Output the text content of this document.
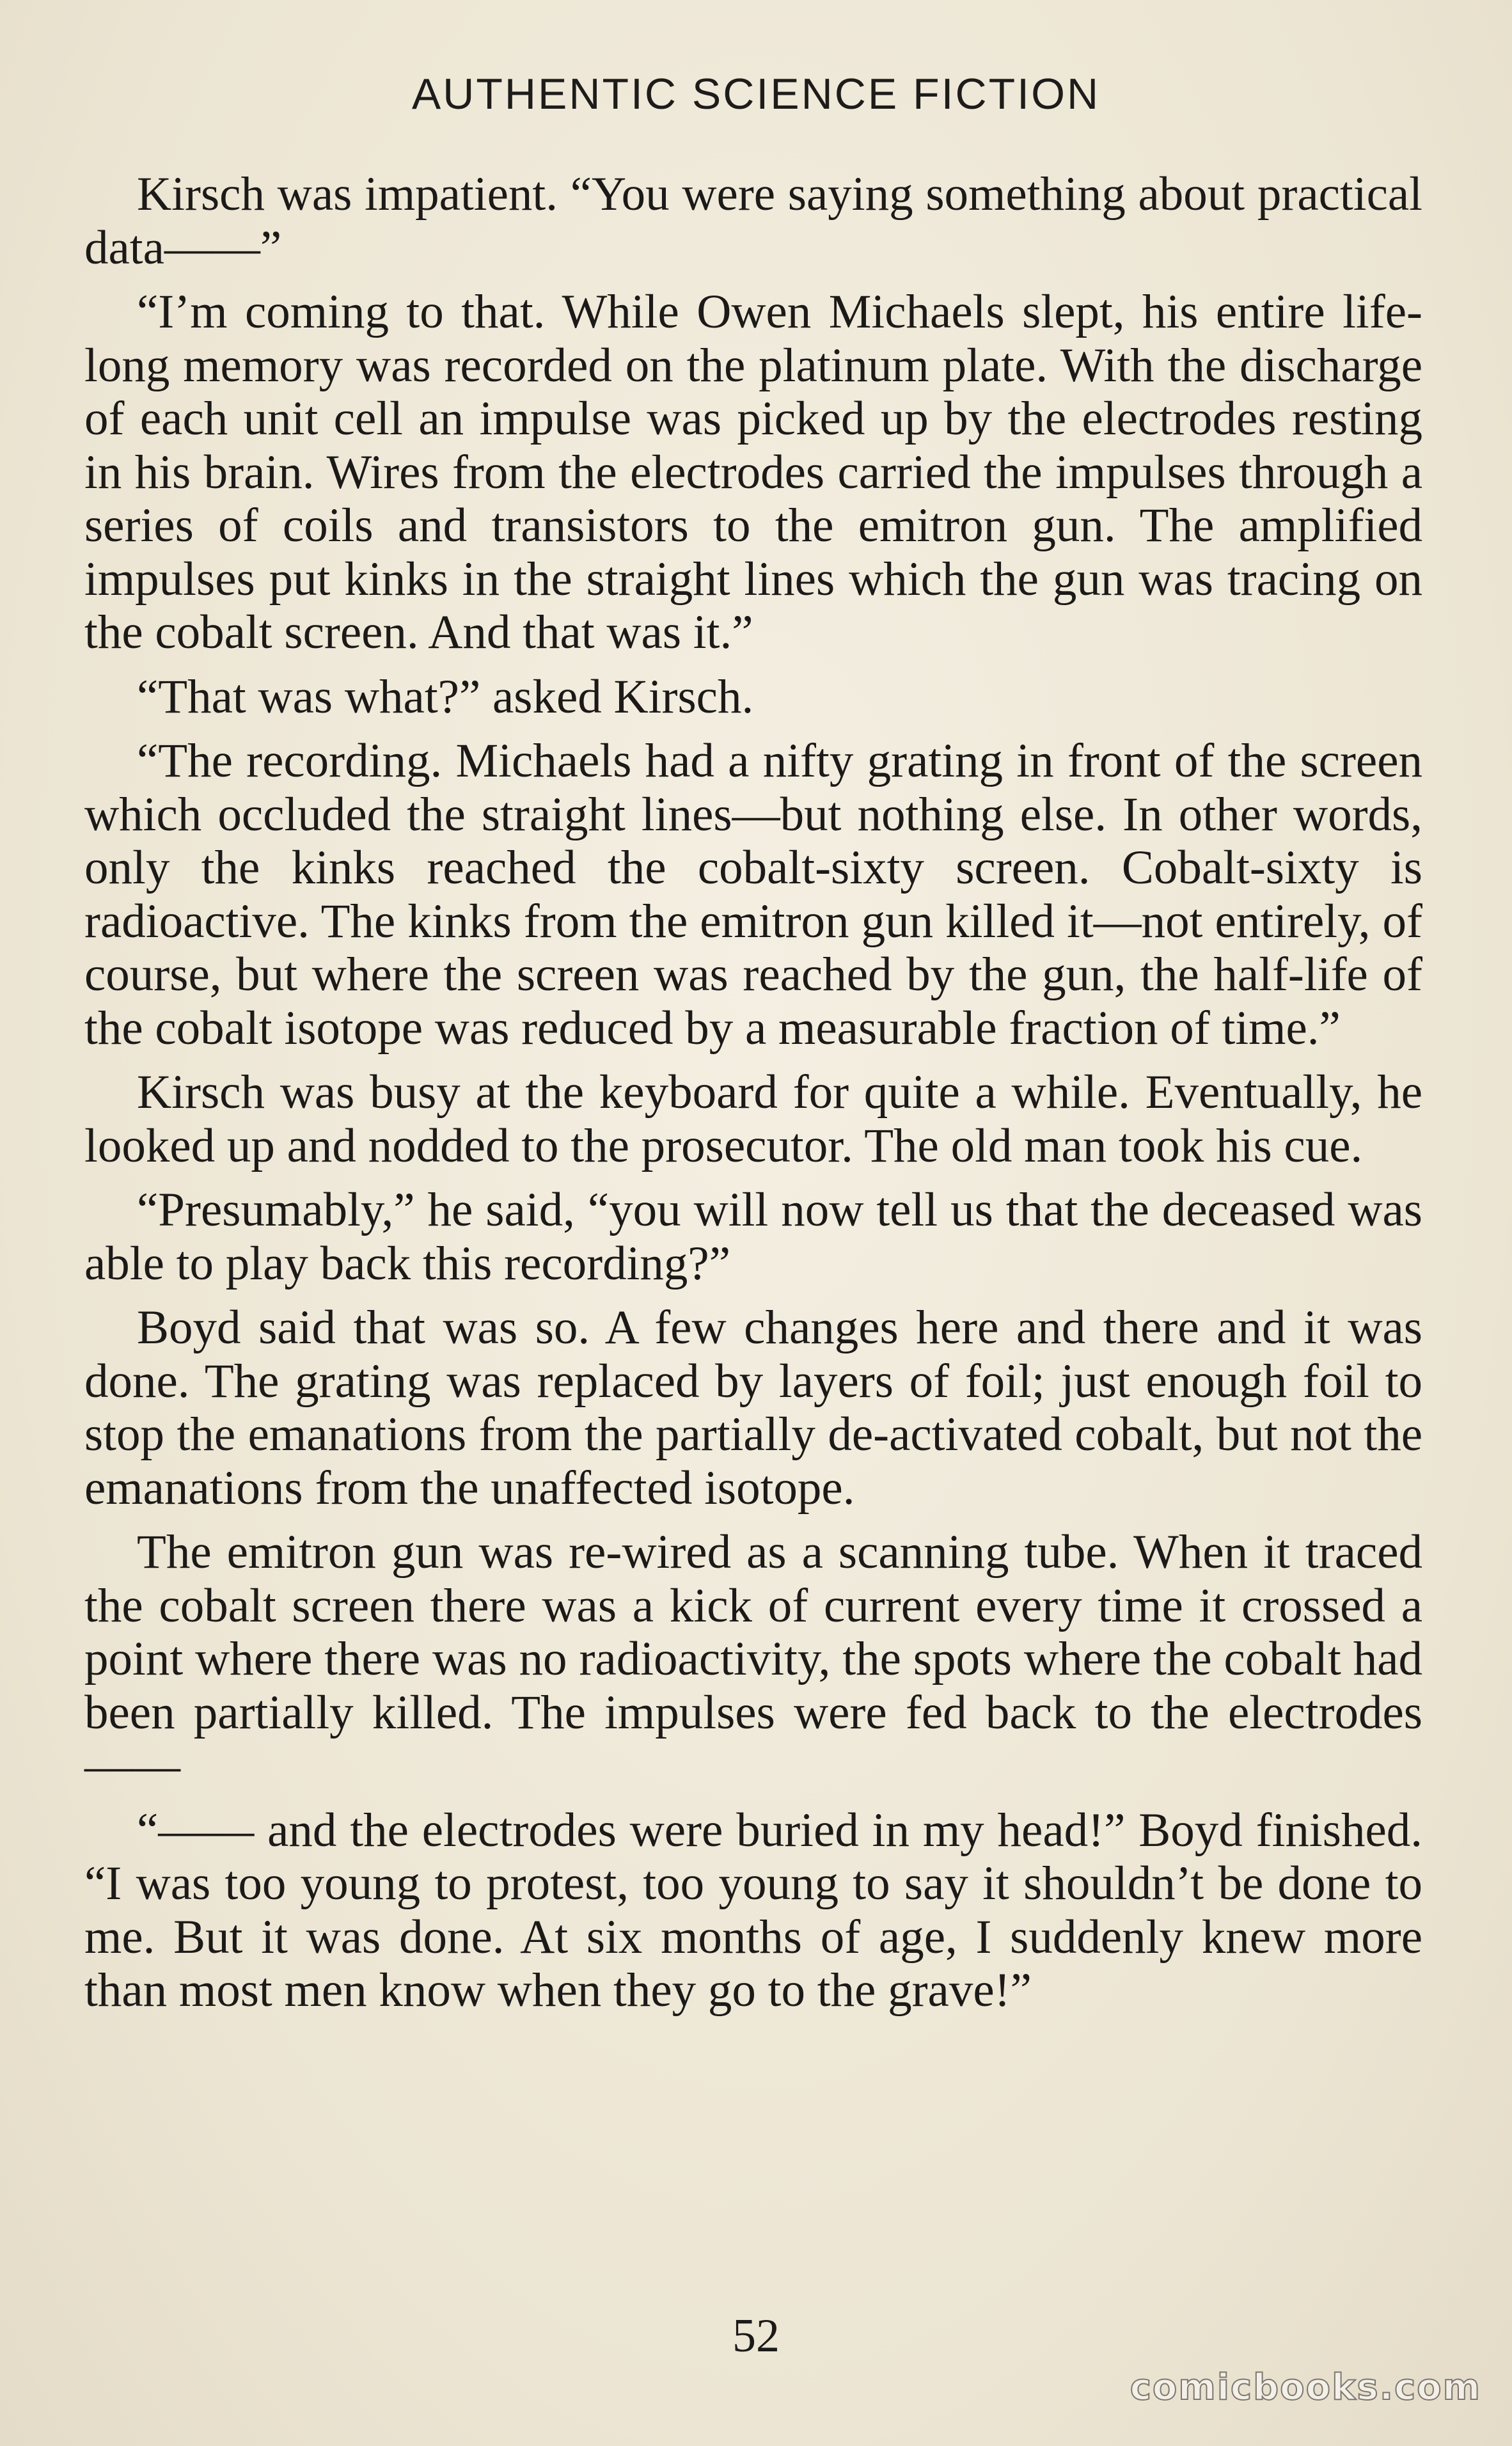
AUTHENTIC SCIENCE FICTION

Kirsch was impatient. “You were saying something about practical data——”

“I’m coming to that. While Owen Michaels slept, his entire life-long memory was recorded on the platinum plate. With the discharge of each unit cell an impulse was picked up by the electrodes resting in his brain. Wires from the electrodes carried the impulses through a series of coils and transistors to the emitron gun. The amplified impulses put kinks in the straight lines which the gun was tracing on the cobalt screen. And that was it.”

“That was what?” asked Kirsch.

“The recording. Michaels had a nifty grating in front of the screen which occluded the straight lines—but nothing else. In other words, only the kinks reached the cobalt-sixty screen. Cobalt-sixty is radioactive. The kinks from the emitron gun killed it—not entirely, of course, but where the screen was reached by the gun, the half-life of the cobalt isotope was reduced by a measurable fraction of time.”

Kirsch was busy at the keyboard for quite a while. Eventually, he looked up and nodded to the prosecutor. The old man took his cue.

“Presumably,” he said, “you will now tell us that the deceased was able to play back this recording?”

Boyd said that was so. A few changes here and there and it was done. The grating was replaced by layers of foil; just enough foil to stop the emanations from the partially de-activated cobalt, but not the emanations from the unaffected isotope.

The emitron gun was re-wired as a scanning tube. When it traced the cobalt screen there was a kick of current every time it crossed a point where there was no radioactivity, the spots where the cobalt had been partially killed. The impulses were fed back to the electrodes——

“—— and the electrodes were buried in my head!” Boyd finished. “I was too young to protest, too young to say it shouldn’t be done to me. But it was done. At six months of age, I suddenly knew more than most men know when they go to the grave!”

52
comicbooks.com
